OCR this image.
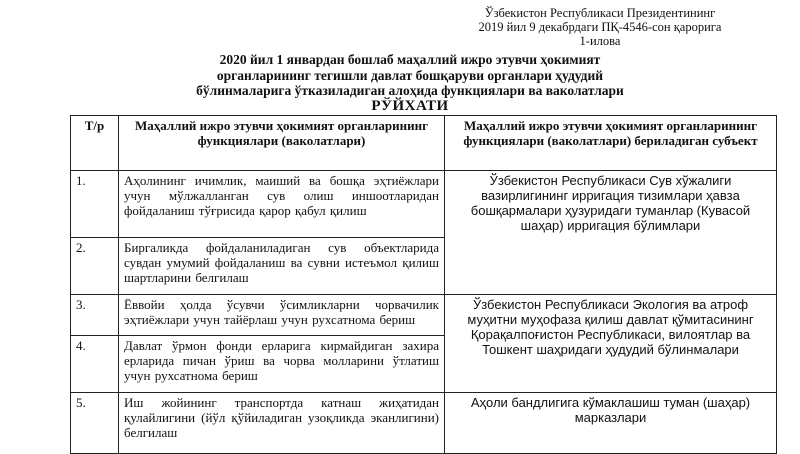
Ўзбекистон Республикаси Президентининг
2019 йил 9 декабрдаги ПҚ-4546-сон қарорига
1-илова
2020 йил 1 январдан бошлаб маҳаллий ижро этувчи ҳокимият
органларининг тегишли давлат бошқаруви органлари ҳудудий
бўлинмаларига ўтказиладиган алоҳида функциялари ва ваколатлари
РЎЙХАТИ
Т/р	Маҳаллий ижро этувчи ҳокимият органларининг функциялари (ваколатлари)	Маҳаллий ижро этувчи ҳокимият органларининг функциялари (ваколатлари) бериладиган субъект
1.	Аҳолининг ичимлик, маиший ва бошқа эҳтиёжлари учун мўлжалланган сув олиш иншоотларидан фойдаланиш тўғрисида қарор қабул қилиш	Ўзбекистон Республикаси Сув хўжалиги вазирлигининг ирригация тизимлари ҳавза бошқармалари ҳузуридаги туманлар (Кувасой шаҳар) ирригация бўлимлари
2.	Биргаликда фойдаланиладиган сув объектларида сувдан умумий фойдаланиш ва сувни истеъмол қилиш шартларини белгилаш	
3.	Ёввойи ҳолда ўсувчи ўсимликларни чорвачилик эҳтиёжлари учун тайёрлаш учун рухсатнома бериш	Ўзбекистон Республикаси Экология ва атроф муҳитни муҳофаза қилиш давлат қўмитасининг Қорақалпоғистон Республикаси, вилоятлар ва Тошкент шаҳридаги ҳудудий бўлинмалари
4.	Давлат ўрмон фонди ерларига кирмайдиган захира ерларида пичан ўриш ва чорва молларини ўтлатиш учун рухсатнома бериш	
5.	Иш жойининг транспортда катнаш жиҳатидан қулайлигини (йўл қўйиладиган узоқликда эканлигини) белгилаш	Аҳоли бандлигига кўмаклашиш туман (шаҳар) марказлари
